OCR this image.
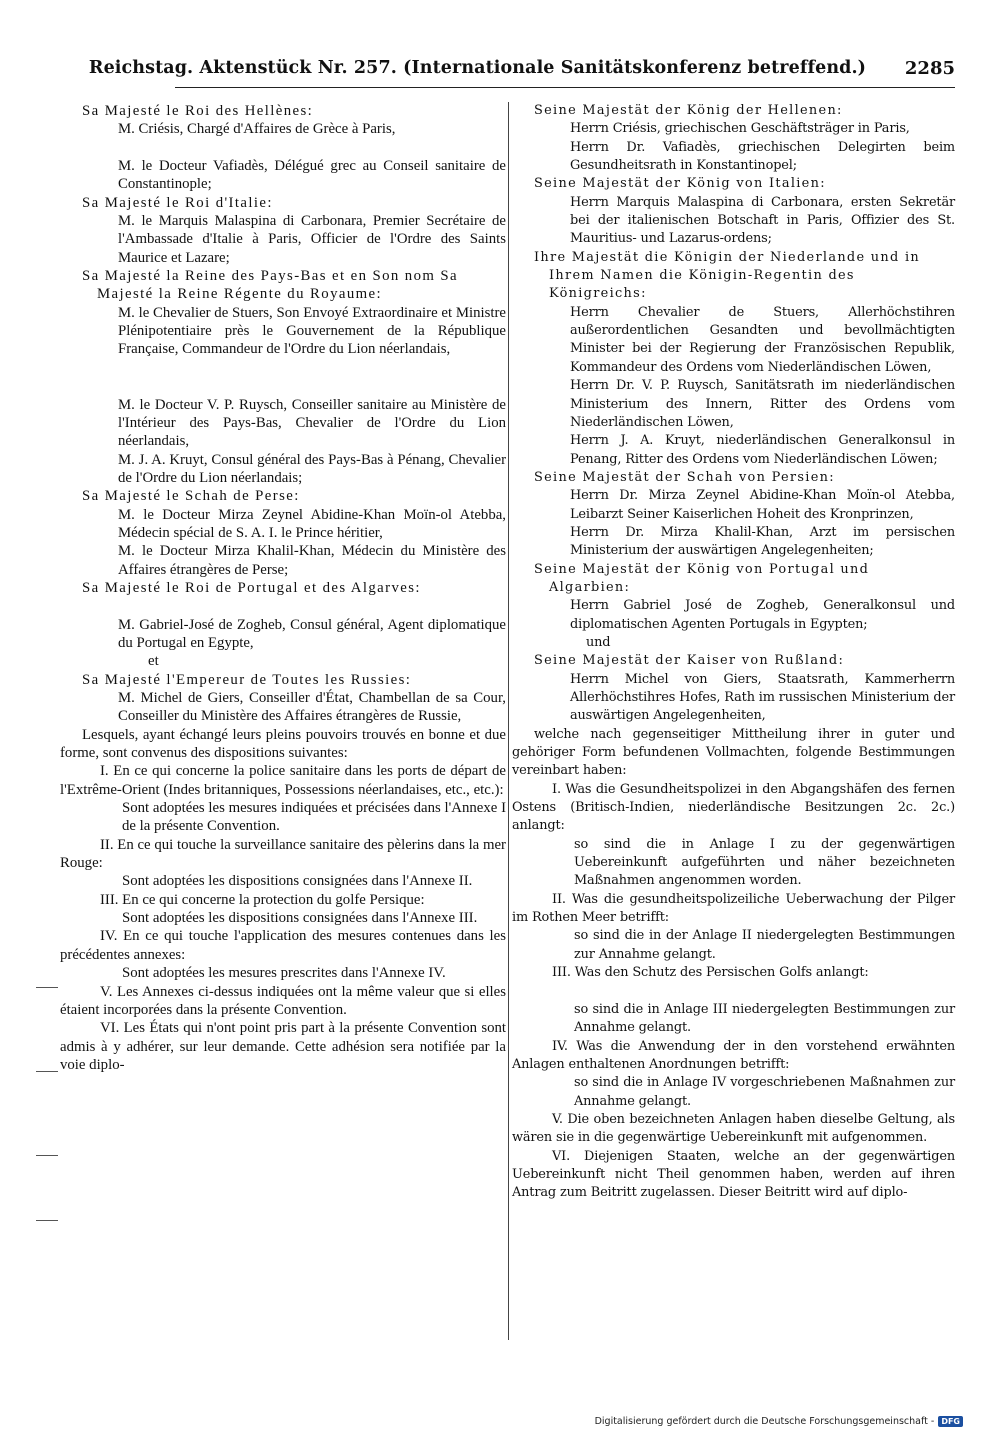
Reichstag. Aktenstück Nr. 257. (Internationale Sanitätskonferenz betreffend.)	2285

Sa Majesté le Roi des Hellènes:

M. Criésis, Chargé d'Affaires de Grèce à Paris,

M. le Docteur Vafiadès, Délégué grec au Conseil sanitaire de Constantinople;

Sa Majesté le Roi d'Italie:

M. le Marquis Malaspina di Carbonara, Premier Secrétaire de l'Ambassade d'Italie à Paris, Officier de l'Ordre des Saints Maurice et Lazare;

Sa Majesté la Reine des Pays-Bas et en Son nom Sa Majesté la Reine Régente du Royaume:

M. le Chevalier de Stuers, Son Envoyé Extraordinaire et Ministre Plénipotentiaire près le Gouvernement de la République Française, Commandeur de l'Ordre du Lion néerlandais,

M. le Docteur V. P. Ruysch, Conseiller sanitaire au Ministère de l'Intérieur des Pays-Bas, Chevalier de l'Ordre du Lion néerlandais,

M. J. A. Kruyt, Consul général des Pays-Bas à Pénang, Chevalier de l'Ordre du Lion néerlandais;

Sa Majesté le Schah de Perse:

M. le Docteur Mirza Zeynel Abidine-Khan Moïn-ol Atebba, Médecin spécial de S. A. I. le Prince héritier,

M. le Docteur Mirza Khalil-Khan, Médecin du Ministère des Affaires étrangères de Perse;

Sa Majesté le Roi de Portugal et des Algarves:

M. Gabriel-José de Zogheb, Consul général, Agent diplomatique du Portugal en Egypte,

et

Sa Majesté l'Empereur de Toutes les Russies:

M. Michel de Giers, Conseiller d'État, Chambellan de sa Cour, Conseiller du Ministère des Affaires étrangères de Russie,

Lesquels, ayant échangé leurs pleins pouvoirs trouvés en bonne et due forme, sont convenus des dispositions suivantes:

I. En ce qui concerne la police sanitaire dans les ports de départ de l'Extrême-Orient (Indes britanniques, Possessions néerlandaises, etc., etc.):

Sont adoptées les mesures indiquées et précisées dans l'Annexe I de la présente Convention.

II. En ce qui touche la surveillance sanitaire des pèlerins dans la mer Rouge:

Sont adoptées les dispositions consignées dans l'Annexe II.

III. En ce qui concerne la protection du golfe Persique:

Sont adoptées les dispositions consignées dans l'Annexe III.

IV. En ce qui touche l'application des mesures contenues dans les précédentes annexes:

Sont adoptées les mesures prescrites dans l'Annexe IV.

V. Les Annexes ci-dessus indiquées ont la même valeur que si elles étaient incorporées dans la présente Convention.

VI. Les États qui n'ont point pris part à la présente Convention sont admis à y adhérer, sur leur demande. Cette adhésion sera notifiée par la voie diplo-

Seine Majestät der König der Hellenen:

Herrn Criésis, griechischen Geschäftsträger in Paris,

Herrn Dr. Vafiadès, griechischen Delegirten beim Gesundheitsrath in Konstantinopel;

Seine Majestät der König von Italien:

Herrn Marquis Malaspina di Carbonara, ersten Sekretär bei der italienischen Botschaft in Paris, Offizier des St. Mauritius- und Lazarus-ordens;

Ihre Majestät die Königin der Niederlande und in Ihrem Namen die Königin-Regentin des Königreichs:

Herrn Chevalier de Stuers, Allerhöchstihren außerordentlichen Gesandten und bevollmächtigten Minister bei der Regierung der Französischen Republik, Kommandeur des Ordens vom Niederländischen Löwen,

Herrn Dr. V. P. Ruysch, Sanitätsrath im niederländischen Ministerium des Innern, Ritter des Ordens vom Niederländischen Löwen,

Herrn J. A. Kruyt, niederländischen Generalkonsul in Penang, Ritter des Ordens vom Niederländischen Löwen;

Seine Majestät der Schah von Persien:

Herrn Dr. Mirza Zeynel Abidine-Khan Moïn-ol Atebba, Leibarzt Seiner Kaiserlichen Hoheit des Kronprinzen,

Herrn Dr. Mirza Khalil-Khan, Arzt im persischen Ministerium der auswärtigen Angelegenheiten;

Seine Majestät der König von Portugal und Algarbien:

Herrn Gabriel José de Zogheb, Generalkonsul und diplomatischen Agenten Portugals in Egypten;

und

Seine Majestät der Kaiser von Rußland:

Herrn Michel von Giers, Staatsrath, Kammerherrn Allerhöchstihres Hofes, Rath im russischen Ministerium der auswärtigen Angelegenheiten,

welche nach gegenseitiger Mittheilung ihrer in guter und gehöriger Form befundenen Vollmachten, folgende Bestimmungen vereinbart haben:

I. Was die Gesundheitspolizei in den Abgangshäfen des fernen Ostens (Britisch-Indien, niederländische Besitzungen 2c. 2c.) anlangt:

so sind die in Anlage I zu der gegenwärtigen Uebereinkunft aufgeführten und näher bezeichneten Maßnahmen angenommen worden.

II. Was die gesundheitspolizeiliche Ueberwachung der Pilger im Rothen Meer betrifft:

so sind die in der Anlage II niedergelegten Bestimmungen zur Annahme gelangt.

III. Was den Schutz des Persischen Golfs anlangt:

so sind die in Anlage III niedergelegten Bestimmungen zur Annahme gelangt.

IV. Was die Anwendung der in den vorstehend erwähnten Anlagen enthaltenen Anordnungen betrifft:

so sind die in Anlage IV vorgeschriebenen Maßnahmen zur Annahme gelangt.

V. Die oben bezeichneten Anlagen haben dieselbe Geltung, als wären sie in die gegenwärtige Uebereinkunft mit aufgenommen.

VI. Diejenigen Staaten, welche an der gegenwärtigen Uebereinkunft nicht Theil genommen haben, werden auf ihren Antrag zum Beitritt zugelassen. Dieser Beitritt wird auf diplo-

Digitalisierung gefördert durch die Deutsche Forschungsgemeinschaft - DFG
